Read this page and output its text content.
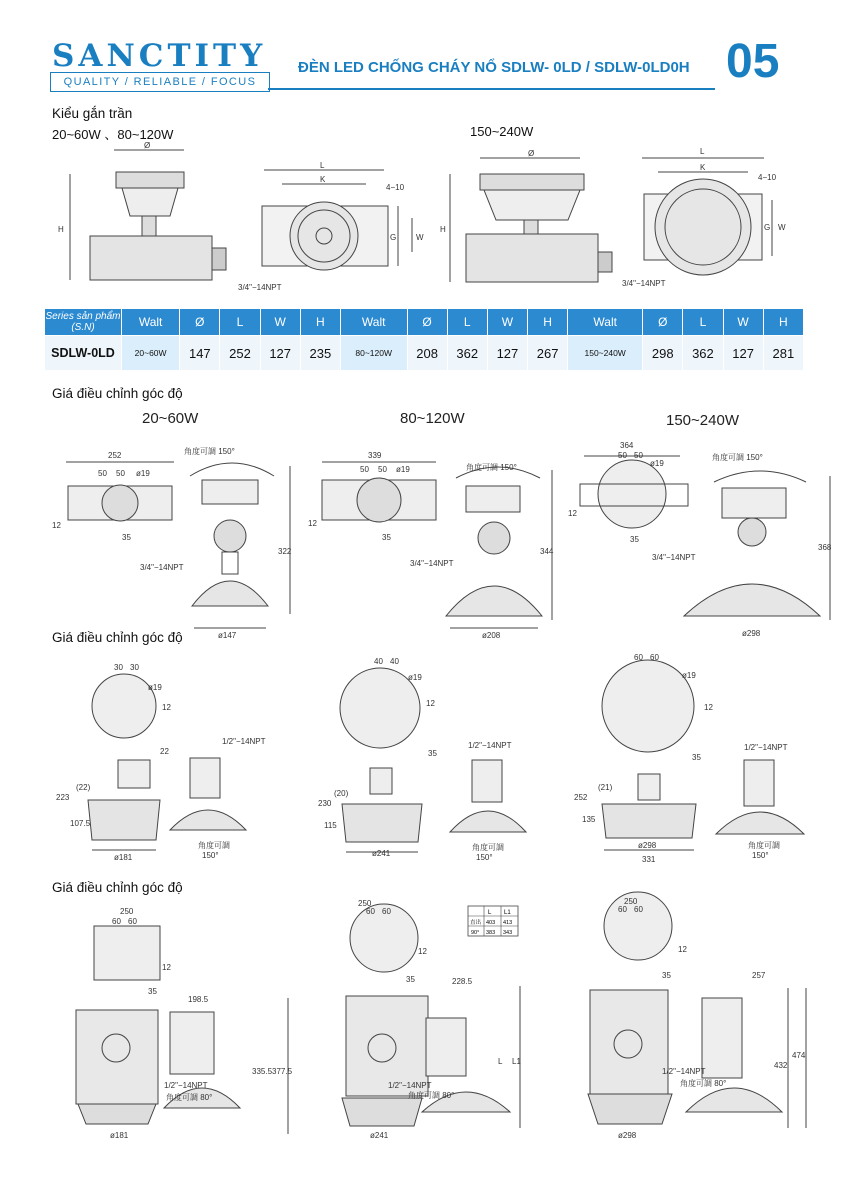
SANCTITY
QUALITY / RELIABLE / FOCUS
ĐÈN LED CHỐNG CHÁY NỔ SDLW- 0LD / SDLW-0LD0H 05
Kiểu gắn trần
20~60W 、80~120W	150~240W
Ø
H
L
K
4−10
G W
3/4"−14NPT
Ø
H
L
K
4−10
G W
3/4"−14NPT
Series sản phẩm (S.N)	Walt	Ø	L	W	H	Walt	Ø	L	W	H	Walt	Ø	L	W	H
SDLW-0LD	20~60W	147	252	127	235	80~120W	208	362	127	267	150~240W	298	362	127	281
Giá điều chỉnh góc độ
20~60W	80~120W	150~240W
252
50 50 ø19
35
12
角度可調 150°
3/4"−14NPT
322
ø147
339
50 50 ø19
35
12
角度可調 150°
3/4"−14NPT
344
ø208
364
50 50
ø19
35
12
角度可調 150°
3/4"−14NPT
368
ø298
Giá điều chỉnh góc độ
30 30
ø19
22
12
223
(22)
107.5
ø181
1/2"−14NPT
角度可調
150°
40 40
ø19
35
12
230
(20)
115
ø241
1/2"−14NPT
角度可調
150°
60 60
ø19
35
12
252
(21)
135
ø298
331
1/2"−14NPT
角度可調
150°
Giá điều chỉnh góc độ
250
60 60
35
12
198.5
335.5 377.5
ø181
1/2"−14NPT
角度可調 80°
250
60 60
35
12
228.5
L L1
ø241
1/2"−14NPT
角度可調 80°
250
60 60
35
12
257
432
474
ø298
1/2"−14NPT
角度可調 80°
L L1
直出 403 413
90° 383 343
